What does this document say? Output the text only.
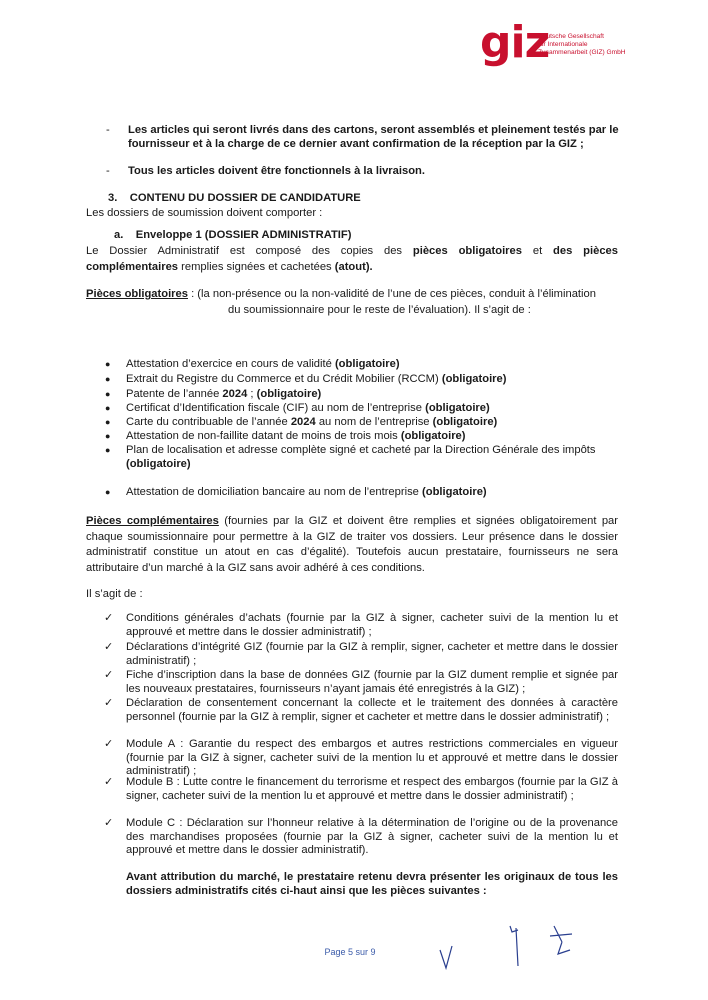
giz
Deutsche Gesellschaft
für Internationale
Zusammenarbeit (GIZ) GmbH
- Les articles qui seront livrés dans des cartons, seront assemblés et pleinement testés par le fournisseur et à la charge de ce dernier avant confirmation de la réception par la GIZ ;
- Tous les articles doivent être fonctionnels à la livraison.
3.    CONTENU DU DOSSIER DE CANDIDATURE
Les dossiers de soumission doivent comporter :
a.    Enveloppe 1 (DOSSIER ADMINISTRATIF)
Le Dossier Administratif est composé des copies des pièces obligatoires et des pièces complémentaires remplies signées et cachetées (atout).
Pièces obligatoires : (la non-présence ou la non-validité de l’une de ces pièces, conduit à l’élimination
du soumissionnaire pour le reste de l’évaluation). Il s’agit de :
● Attestation d’exercice en cours de validité (obligatoire)
● Extrait du Registre du Commerce et du Crédit Mobilier (RCCM) (obligatoire)
● Patente de l’année 2024 ; (obligatoire)
● Certificat d’Identification fiscale (CIF) au nom de l’entreprise (obligatoire)
● Carte du contribuable de l’année 2024 au nom de l’entreprise (obligatoire)
● Attestation de non-faillite datant de moins de trois mois (obligatoire)
● Plan de localisation et adresse complète signé et cacheté par la Direction Générale des impôts (obligatoire)
● Attestation de domiciliation bancaire au nom de l’entreprise (obligatoire)
Pièces complémentaires (fournies par la GIZ et doivent être remplies et signées obligatoirement par chaque soumissionnaire pour permettre à la GIZ de traiter vos dossiers. Leur présence dans le dossier administratif constitue un atout en cas d’égalité). Toutefois aucun prestataire, fournisseurs ne sera attributaire d’un marché à la GIZ sans avoir adhéré à ces conditions.
Il s’agit de :
✓ Conditions générales d’achats (fournie par la GIZ à signer, cacheter suivi de la mention lu et approuvé et mettre dans le dossier administratif) ;
✓ Déclarations d’intégrité GIZ (fournie par la GIZ à remplir, signer, cacheter et mettre dans le dossier administratif) ;
✓ Fiche d’inscription dans la base de données GIZ (fournie par la GIZ dument remplie et signée par les nouveaux prestataires, fournisseurs n’ayant jamais été enregistrés à la GIZ) ;
✓ Déclaration de consentement concernant la collecte et le traitement des données à caractère personnel (fournie par la GIZ à remplir, signer et cacheter et mettre dans le dossier administratif) ;
✓ Module A : Garantie du respect des embargos et autres restrictions commerciales en vigueur (fournie par la GIZ à signer, cacheter suivi de la mention lu et approuvé et mettre dans le dossier administratif) ;
✓ Module B : Lutte contre le financement du terrorisme et respect des embargos (fournie par la GIZ à signer, cacheter suivi de la mention lu et approuvé et mettre dans le dossier administratif) ;
✓ Module C : Déclaration sur l’honneur relative à la détermination de l’origine ou de la provenance des marchandises proposées (fournie par la GIZ à signer, cacheter suivi de la mention lu et approuvé et mettre dans le dossier administratif).
Avant attribution du marché, le prestataire retenu devra présenter les originaux de tous les dossiers administratifs cités ci-haut ainsi que les pièces suivantes :
Page 5 sur 9
